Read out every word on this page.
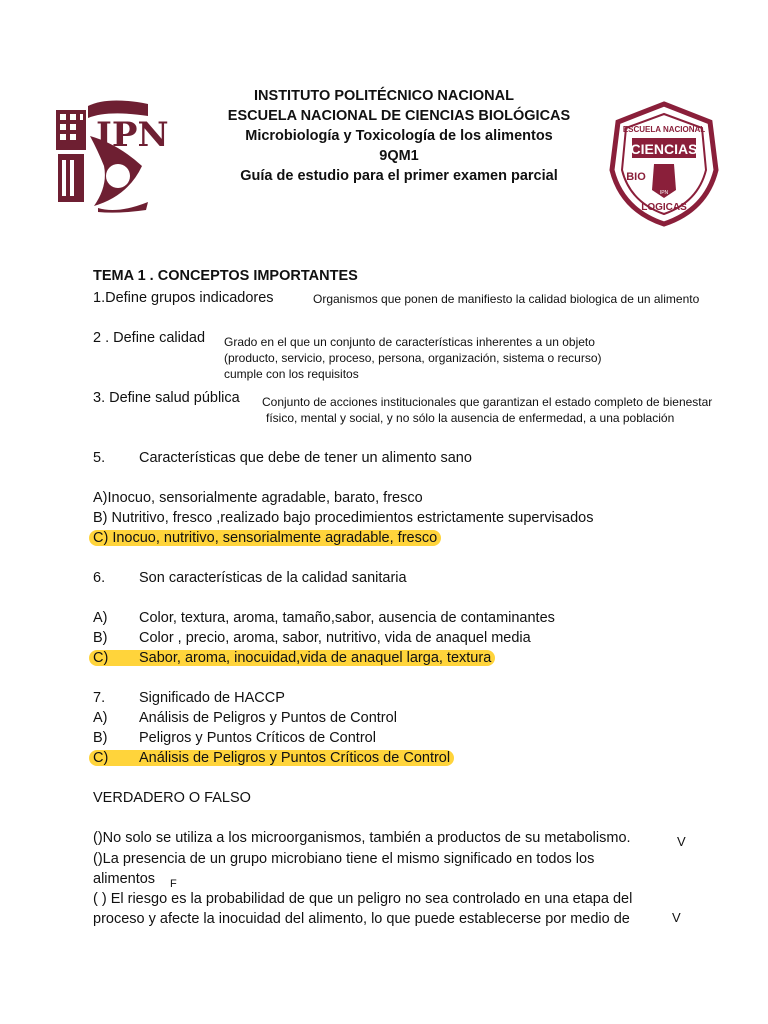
IPN	CIENCIAS
ESCUELA NACIONAL
BIO
LOGICAS
IPN
INSTITUTO POLITÉCNICO NACIONAL
ESCUELA NACIONAL DE CIENCIAS BIOLÓGICAS
Microbiología y Toxicología de los alimentos
9QM1
Guía de estudio para el primer examen parcial
TEMA 1 . CONCEPTOS IMPORTANTES
1.Define grupos indicadores	Organismos que ponen de manifiesto la calidad biologica de un alimento
2 . Define calidad Grado en el que un conjunto de características inherentes a un objeto
(producto, servicio, proceso, persona, organización, sistema o recurso)
cumple con los requisitos
3. Define salud pública Conjunto de acciones institucionales que garantizan el estado completo de bienestar
físico, mental y social, y no sólo la ausencia de enfermedad, a una población
5. Características que debe de tener un alimento sano
A)Inocuo, sensorialmente agradable, barato, fresco
B) Nutritivo, fresco ,realizado bajo procedimientos estrictamente supervisados
C) Inocuo, nutritivo, sensorialmente agradable, fresco
6. Son características de la calidad sanitaria
A) Color, textura, aroma, tamaño,sabor, ausencia de contaminantes
B) Color , precio, aroma, sabor, nutritivo, vida de anaquel media
C) Sabor, aroma, inocuidad,vida de anaquel larga, textura
7. Significado de HACCP
A) Análisis de Peligros y Puntos de Control
B) Peligros y Puntos Críticos de Control
C) Análisis de Peligros y Puntos Críticos de Control
VERDADERO O FALSO
()No solo se utiliza a los microorganismos, también a productos de su metabolismo.	V
()La presencia de un grupo microbiano tiene el mismo significado en todos los
alimentos F
( ) El riesgo es la probabilidad de que un peligro no sea controlado en una etapa del
proceso y afecte la inocuidad del alimento, lo que puede establecerse por medio de	V
